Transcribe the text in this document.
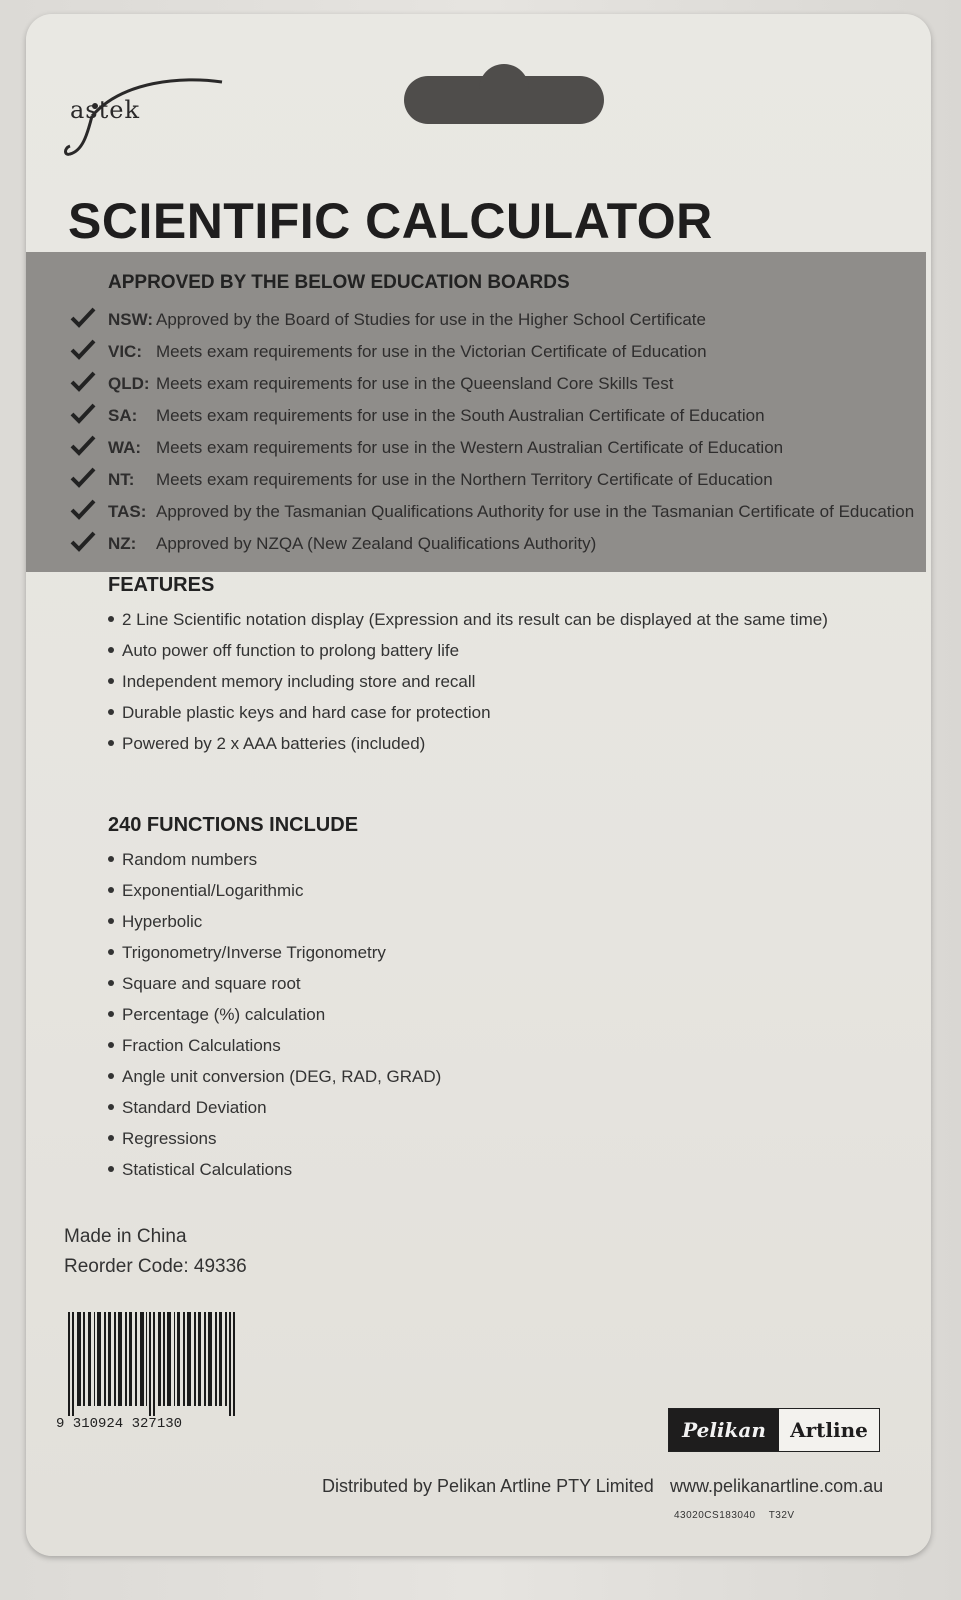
astek
SCIENTIFIC CALCULATOR
APPROVED BY THE BELOW EDUCATION BOARDS
NSW: Approved by the Board of Studies for use in the Higher School Certificate
VIC: Meets exam requirements for use in the Victorian Certificate of Education
QLD: Meets exam requirements for use in the Queensland Core Skills Test
SA: Meets exam requirements for use in the South Australian Certificate of Education
WA: Meets exam requirements for use in the Western Australian Certificate of Education
NT: Meets exam requirements for use in the Northern Territory Certificate of Education
TAS: Approved by the Tasmanian Qualifications Authority for use in the Tasmanian Certificate of Education
NZ: Approved by NZQA (New Zealand Qualifications Authority)
FEATURES
2 Line Scientific notation display (Expression and its result can be displayed at the same time)
Auto power off function to prolong battery life
Independent memory including store and recall
Durable plastic keys and hard case for protection
Powered by 2 x AAA batteries (included)
240 FUNCTIONS INCLUDE
Random numbers
Exponential/Logarithmic
Hyperbolic
Trigonometry/Inverse Trigonometry
Square and square root
Percentage (%) calculation
Fraction Calculations
Angle unit conversion (DEG, RAD, GRAD)
Standard Deviation
Regressions
Statistical Calculations
Made in China
Reorder Code: 49336
9 310924 327130	Pelikan	Artline
Distributed by Pelikan Artline PTY Limited www.pelikanartline.com.au
43020CS183040 T32V
